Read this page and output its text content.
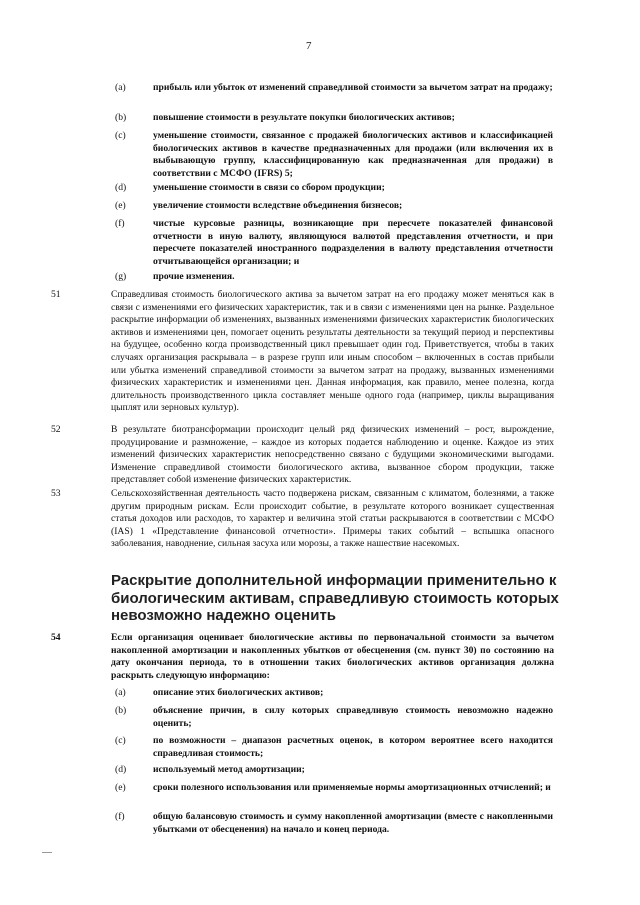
7
(a)	прибыль или убыток от изменений справедливой стоимости за вычетом затрат на продажу;
(b)	повышение стоимости в результате покупки биологических активов;
(c)	уменьшение стоимости, связанное с продажей биологических активов и классификацией биологических активов в качестве предназначенных для продажи (или включения их в выбывающую группу, классифицированную как предназначенная для продажи) в соответствии с МСФО (IFRS) 5;
(d)	уменьшение стоимости в связи со сбором продукции;
(e)	увеличение стоимости вследствие объединения бизнесов;
(f)	чистые курсовые разницы, возникающие при пересчете показателей финансовой отчетности в иную валюту, являющуюся валютой представления отчетности, и при пересчете показателей иностранного подразделения в валюту представления отчетности отчитывающейся организации; и
(g)	прочие изменения.
51	Справедливая стоимость биологического актива за вычетом затрат на его продажу может меняться как в связи с изменениями его физических характеристик, так и в связи с изменениями цен на рынке. Раздельное раскрытие информации об изменениях, вызванных изменениями физических характеристик биологических активов и изменениями цен, помогает оценить результаты деятельности за текущий период и перспективы на будущее, особенно когда производственный цикл превышает один год. Приветствуется, чтобы в таких случаях организация раскрывала – в разрезе групп или иным способом – включенных в состав прибыли или убытка изменений справедливой стоимости за вычетом затрат на продажу, вызванных изменениями физических характеристик и изменениями цен. Данная информация, как правило, менее полезна, когда длительность производственного цикла составляет меньше одного года (например, циклы выращивания цыплят или зерновых культур).
52	В результате биотрансформации происходит целый ряд физических изменений – рост, вырождение, продуцирование и размножение, – каждое из которых подается наблюдению и оценке. Каждое из этих изменений физических характеристик непосредственно связано с будущими экономическими выгодами. Изменение справедливой стоимости биологического актива, вызванное сбором продукции, также представляет собой изменение физических характеристик.
53	Сельскохозяйственная деятельность часто подвержена рискам, связанным с климатом, болезнями, а также другим природным рискам. Если происходит событие, в результате которого возникает существенная статья доходов или расходов, то характер и величина этой статьи раскрываются в соответствии с МСФО (IAS) 1 «Представление финансовой отчетности». Примеры таких событий – вспышка опасного заболевания, наводнение, сильная засуха или морозы, а также нашествие насекомых.
Раскрытие дополнительной информации применительно к биологическим активам, справедливую стоимость которых невозможно надежно оценить
54	Если организация оценивает биологические активы по первоначальной стоимости за вычетом накопленной амортизации и накопленных убытков от обесценения (см. пункт 30) по состоянию на дату окончания периода, то в отношении таких биологических активов организация должна раскрыть следующую информацию:
(a)	описание этих биологических активов;
(b)	объяснение причин, в силу которых справедливую стоимость невозможно надежно оценить;
(c)	по возможности – диапазон расчетных оценок, в котором вероятнее всего находится справедливая стоимость;
(d)	используемый метод амортизации;
(e)	сроки полезного использования или применяемые нормы амортизационных отчислений; и
(f)	общую балансовую стоимость и сумму накопленной амортизации (вместе с накопленными убытками от обесценения) на начало и конец периода.
